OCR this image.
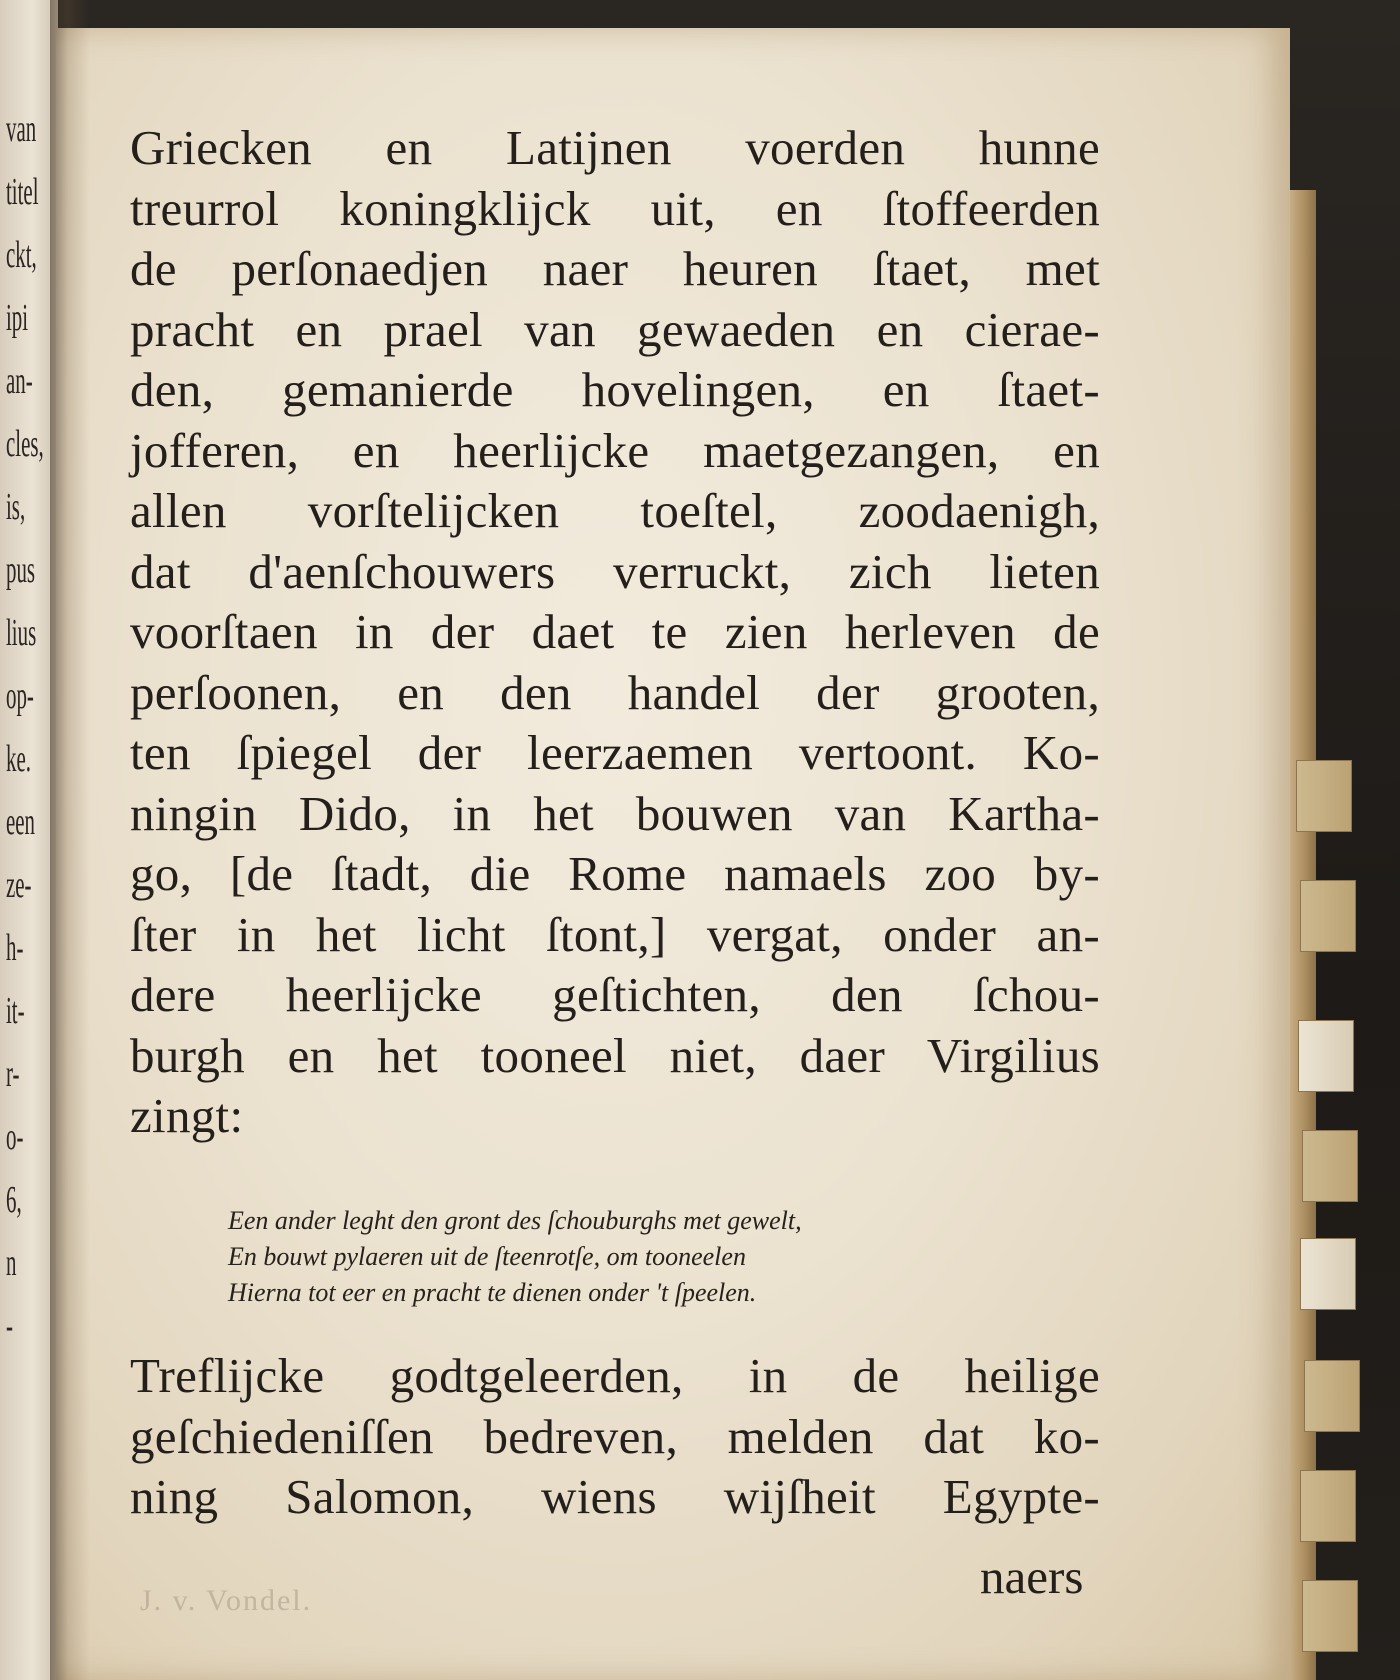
van
titel
ckt,
ipi
an-
cles,
is,
pus
lius
op-
ke.
een
ze-
h-
it-
r-
o-
6,
n
-
Griecken en Latijnen voerden hunne
treurrol koningklijck uit, en ſtoffeerden
de perſonaedjen naer heuren ſtaet, met
pracht en prael van gewaeden en cierae-
den, gemanierde hovelingen, en ſtaet-
jofferen, en heerlijcke maetgezangen, en
allen vorſtelijcken toeſtel, zoodaenigh,
dat d'aenſchouwers verruckt, zich lieten
voorſtaen in der daet te zien herleven de
perſoonen, en den handel der grooten,
ten ſpiegel der leerzaemen vertoont. Ko-
ningin Dido, in het bouwen van Kartha-
go, [de ſtadt, die Rome namaels zoo by-
ſter in het licht ſtont,] vergat, onder an-
dere heerlijcke geſtichten, den ſchou-
burgh en het tooneel niet, daer Virgilius
zingt:
Een ander leght den gront des ſchouburghs met gewelt,
En bouwt pylaeren uit de ſteenrotſe, om tooneelen
Hierna tot eer en pracht te dienen onder 't ſpeelen.
Treflijcke godtgeleerden, in de heilige
geſchiedeniſſen bedreven, melden dat ko-
ning Salomon, wiens wijſheit Egypte-
naers
J. v. Vondel.
